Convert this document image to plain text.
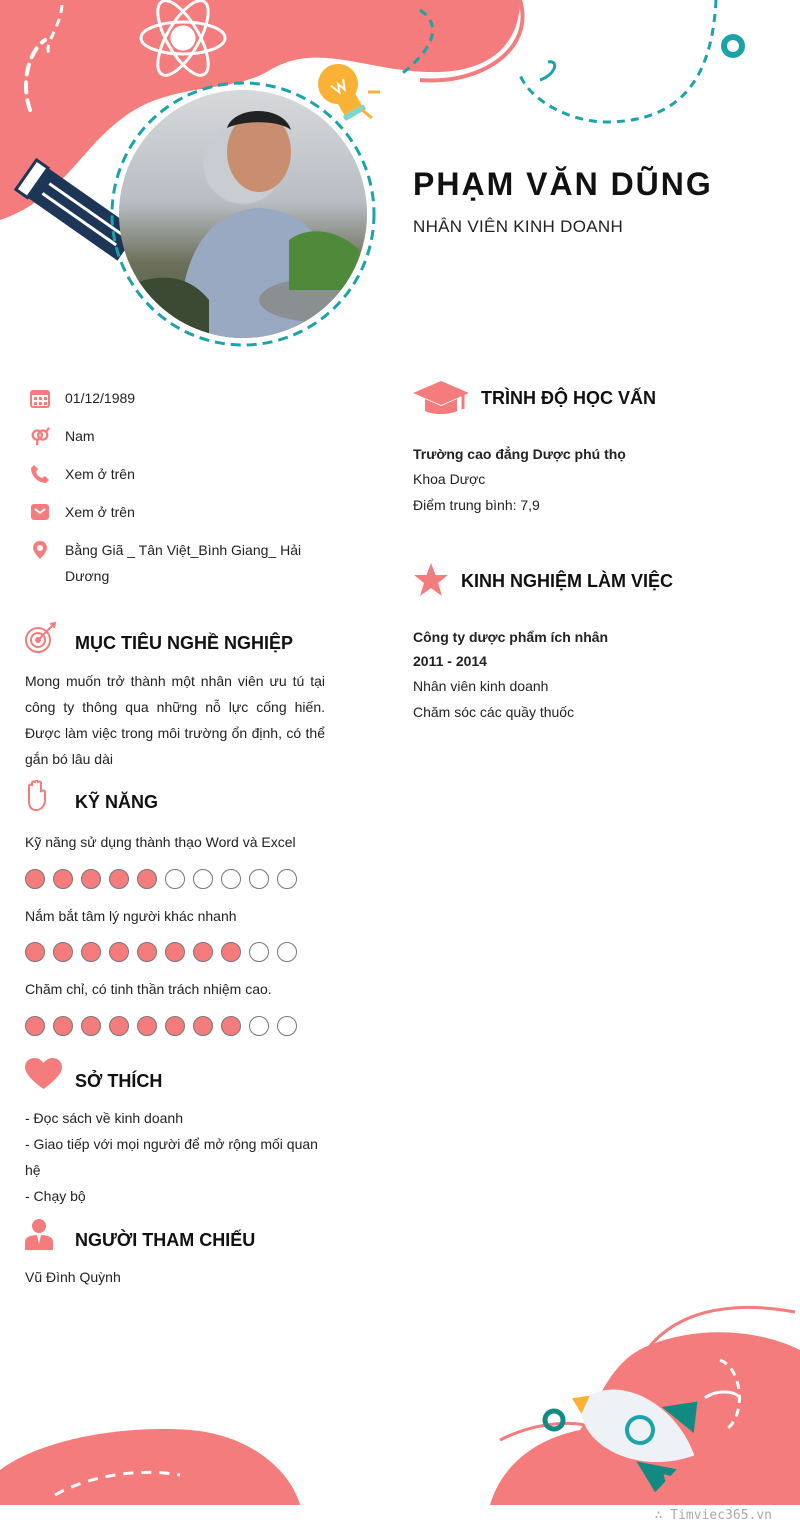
PHẠM VĂN DŨNG
NHÂN VIÊN KINH DOANH
01/12/1989
Nam
Xem ở trên
Xem ở trên
Bằng Giã _ Tân Việt_Bình Giang_ Hải Dương
MỤC TIÊU NGHỀ NGHIỆP
Mong muốn trở thành một nhân viên ưu tú tại công ty thông qua những nỗ lực cống hiến. Được làm việc trong môi trường ổn định, có thể gắn bó lâu dài
KỸ NĂNG
Kỹ năng sử dụng thành thạo Word và Excel
Nắm bắt tâm lý người khác nhanh
Chăm chỉ, có tinh thần trách nhiệm cao.
SỞ THÍCH
- Đọc sách về kinh doanh
- Giao tiếp với mọi người để mở rộng mối quan hệ
- Chạy bộ
NGƯỜI THAM CHIẾU
Vũ Đình Quỳnh
TRÌNH ĐỘ HỌC VẤN
Trường cao đẳng Dược phú thọ
Khoa Dược
Điểm trung bình: 7,9
KINH NGHIỆM LÀM VIỆC
Công ty dược phẩm ích nhân
2011 - 2014
Nhân viên kinh doanh
Chăm sóc các quầy thuốc
∴ Timviec365.vn
